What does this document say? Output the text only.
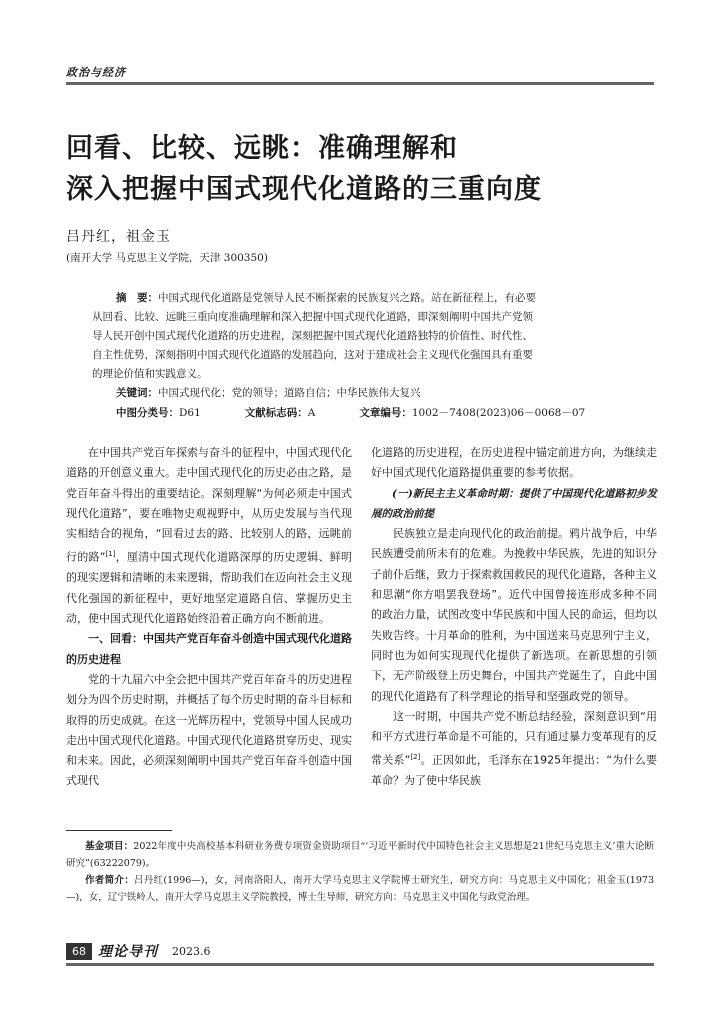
政治与经济
回看、比较、远眺：准确理解和
深入把握中国式现代化道路的三重向度
吕丹红，祖金玉
(南开大学 马克思主义学院，天津 300350)
摘　要：中国式现代化道路是党领导人民不断探索的民族复兴之路。站在新征程上，有必要
从回看、比较、远眺三重向度准确理解和深入把握中国式现代化道路，即深刻阐明中国共产党领
导人民开创中国式现代化道路的历史进程，深刻把握中国式现代化道路独特的价值性、时代性、
自主性优势，深刻指明中国式现代化道路的发展趋向，这对于建成社会主义现代化强国具有重要
的理论价值和实践意义。
关键词：中国式现代化；党的领导；道路自信；中华民族伟大复兴
中图分类号：D61	文献标志码：A	文章编号：1002－7408(2023)06－0068－07

在中国共产党百年探索与奋斗的征程中，中国式现代化道路的开创意义重大。走中国式现代化的历史必由之路，是党百年奋斗得出的重要结论。深刻理解“为何必须走中国式现代化道路”，要在唯物史观视野中，从历史发展与当代现实相结合的视角，“回看过去的路、比较别人的路，远眺前行的路”[1]，厘清中国式现代化道路深厚的历史逻辑、鲜明的现实逻辑和清晰的未来逻辑，帮助我们在迈向社会主义现代化强国的新征程中，更好地坚定道路自信、掌握历史主动，使中国式现代化道路始终沿着正确方向不断前进。

一、回看：中国共产党百年奋斗创造中国式现代化道路的历史进程

党的十九届六中全会把中国共产党百年奋斗的历史进程划分为四个历史时期，并概括了每个历史时期的奋斗目标和取得的历史成就。在这一光辉历程中，党领导中国人民成功走出中国式现代化道路。中国式现代化道路贯穿历史、现实和未来。因此，必须深刻阐明中国共产党百年奋斗创造中国式现代

化道路的历史进程，在历史进程中锚定前进方向，为继续走好中国式现代化道路提供重要的参考依据。

(一)新民主主义革命时期：提供了中国现代化道路初步发展的政治前提

民族独立是走向现代化的政治前提。鸦片战争后，中华民族遭受前所未有的危难。为挽救中华民族，先进的知识分子前仆后继，致力于探索救国救民的现代化道路，各种主义和思潮“你方唱罢我登场”。近代中国曾接连形成多种不同的政治力量，试图改变中华民族和中国人民的命运，但均以失败告终。十月革命的胜利，为中国送来马克思列宁主义，同时也为如何实现现代化提供了新选项。在新思想的引领下，无产阶级登上历史舞台，中国共产党诞生了，自此中国的现代化道路有了科学理论的指导和坚强政党的领导。

这一时期，中国共产党不断总结经验，深刻意识到“用和平方式进行革命是不可能的，只有通过暴力变革现有的反常关系”[2]。正因如此，毛泽东在1925年提出：“为什么要革命？为了使中华民族

基金项目：2022年度中央高校基本科研业务费专项资金资助项目“‘习近平新时代中国特色社会主义思想是21世纪马克思主义’重大论断研究”(63222079)。

作者简介：吕丹红(1996—)，女，河南洛阳人，南开大学马克思主义学院博士研究生，研究方向：马克思主义中国化；祖金玉(1973—)，女，辽宁铁岭人，南开大学马克思主义学院教授，博士生导师，研究方向：马克思主义中国化与政党治理。

68 理论导刊 2023.6
